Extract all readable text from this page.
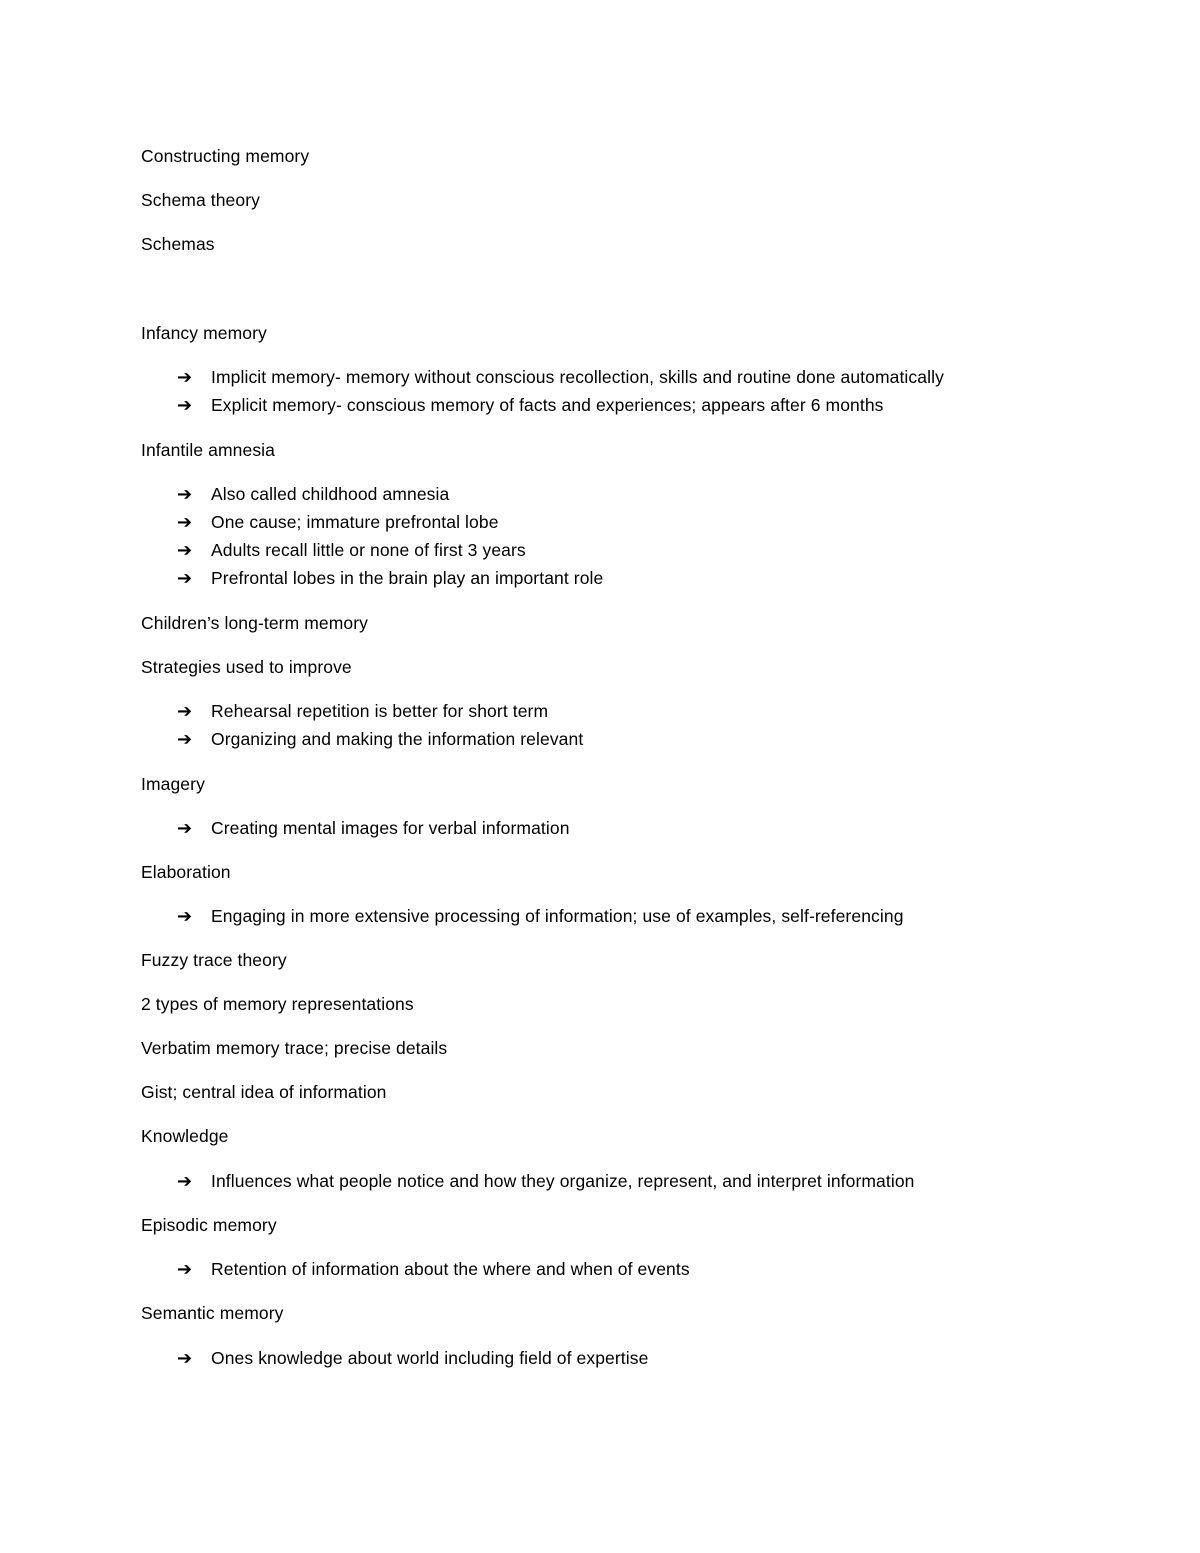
Constructing memory
Schema theory
Schemas
Infancy memory
➔ Implicit memory- memory without conscious recollection, skills and routine done automatically
➔ Explicit memory- conscious memory of facts and experiences; appears after 6 months
Infantile amnesia
➔ Also called childhood amnesia
➔ One cause; immature prefrontal lobe
➔ Adults recall little or none of first 3 years
➔ Prefrontal lobes in the brain play an important role
Children’s long-term memory
Strategies used to improve
➔ Rehearsal repetition is better for short term
➔ Organizing and making the information relevant
Imagery
➔ Creating mental images for verbal information
Elaboration
➔ Engaging in more extensive processing of information; use of examples, self-referencing
Fuzzy trace theory
2 types of memory representations
Verbatim memory trace; precise details
Gist; central idea of information
Knowledge
➔ Influences what people notice and how they organize, represent, and interpret information
Episodic memory
➔ Retention of information about the where and when of events
Semantic memory
➔ Ones knowledge about world including field of expertise
